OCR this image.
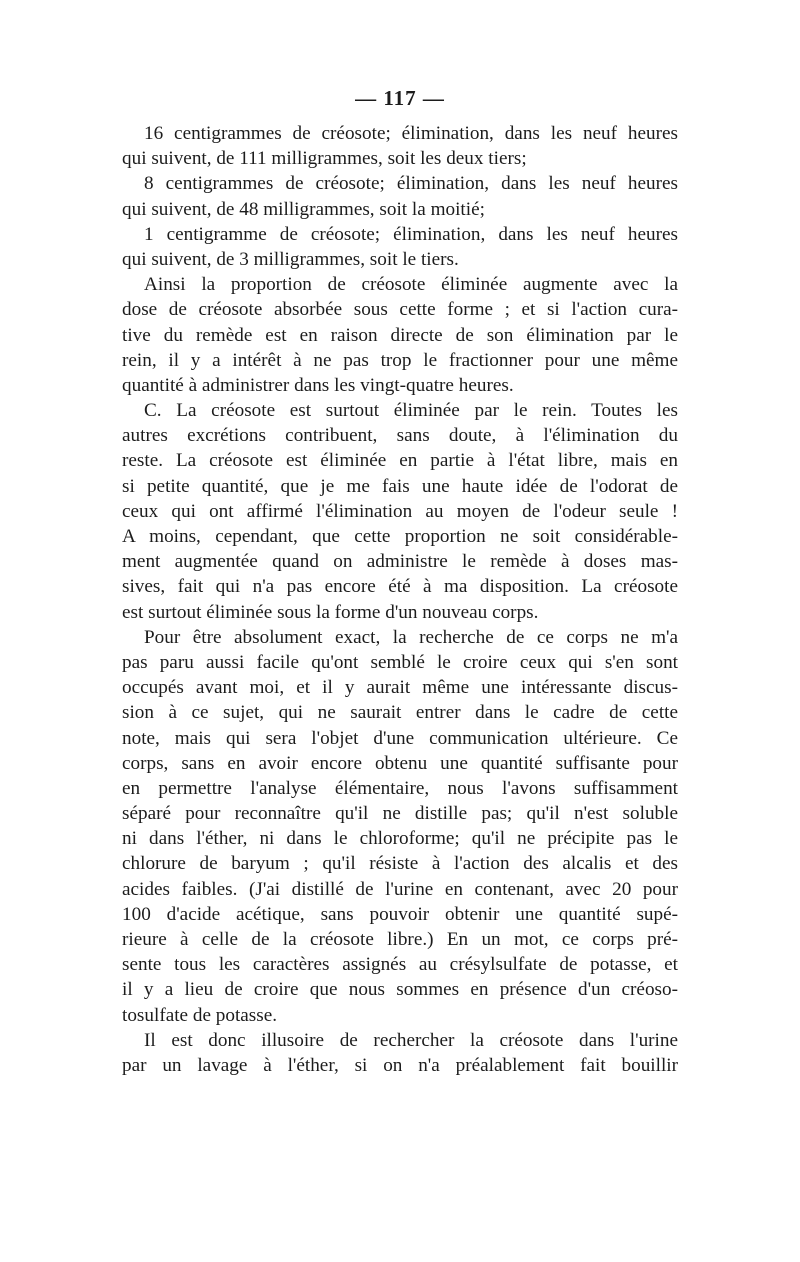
— 117 —
16 centigrammes de créosote; élimination, dans les neuf heures
qui suivent, de 111 milligrammes, soit les deux tiers;
8 centigrammes de créosote; élimination, dans les neuf heures
qui suivent, de 48 milligrammes, soit la moitié;
1 centigramme de créosote; élimination, dans les neuf heures
qui suivent, de 3 milligrammes, soit le tiers.
Ainsi la proportion de créosote éliminée augmente avec la
dose de créosote absorbée sous cette forme ; et si l'action cura-
tive du remède est en raison directe de son élimination par le
rein, il y a intérêt à ne pas trop le fractionner pour une même
quantité à administrer dans les vingt-quatre heures.
C. La créosote est surtout éliminée par le rein. Toutes les
autres excrétions contribuent, sans doute, à l'élimination du
reste. La créosote est éliminée en partie à l'état libre, mais en
si petite quantité, que je me fais une haute idée de l'odorat de
ceux qui ont affirmé l'élimination au moyen de l'odeur seule !
A moins, cependant, que cette proportion ne soit considérable-
ment augmentée quand on administre le remède à doses mas-
sives, fait qui n'a pas encore été à ma disposition. La créosote
est surtout éliminée sous la forme d'un nouveau corps.
Pour être absolument exact, la recherche de ce corps ne m'a
pas paru aussi facile qu'ont semblé le croire ceux qui s'en sont
occupés avant moi, et il y aurait même une intéressante discus-
sion à ce sujet, qui ne saurait entrer dans le cadre de cette
note, mais qui sera l'objet d'une communication ultérieure. Ce
corps, sans en avoir encore obtenu une quantité suffisante pour
en permettre l'analyse élémentaire, nous l'avons suffisamment
séparé pour reconnaître qu'il ne distille pas; qu'il n'est soluble
ni dans l'éther, ni dans le chloroforme; qu'il ne précipite pas le
chlorure de baryum ; qu'il résiste à l'action des alcalis et des
acides faibles. (J'ai distillé de l'urine en contenant, avec 20 pour
100 d'acide acétique, sans pouvoir obtenir une quantité supé-
rieure à celle de la créosote libre.) En un mot, ce corps pré-
sente tous les caractères assignés au crésylsulfate de potasse, et
il y a lieu de croire que nous sommes en présence d'un créoso-
tosulfate de potasse.
Il est donc illusoire de rechercher la créosote dans l'urine
par un lavage à l'éther, si on n'a préalablement fait bouillir
